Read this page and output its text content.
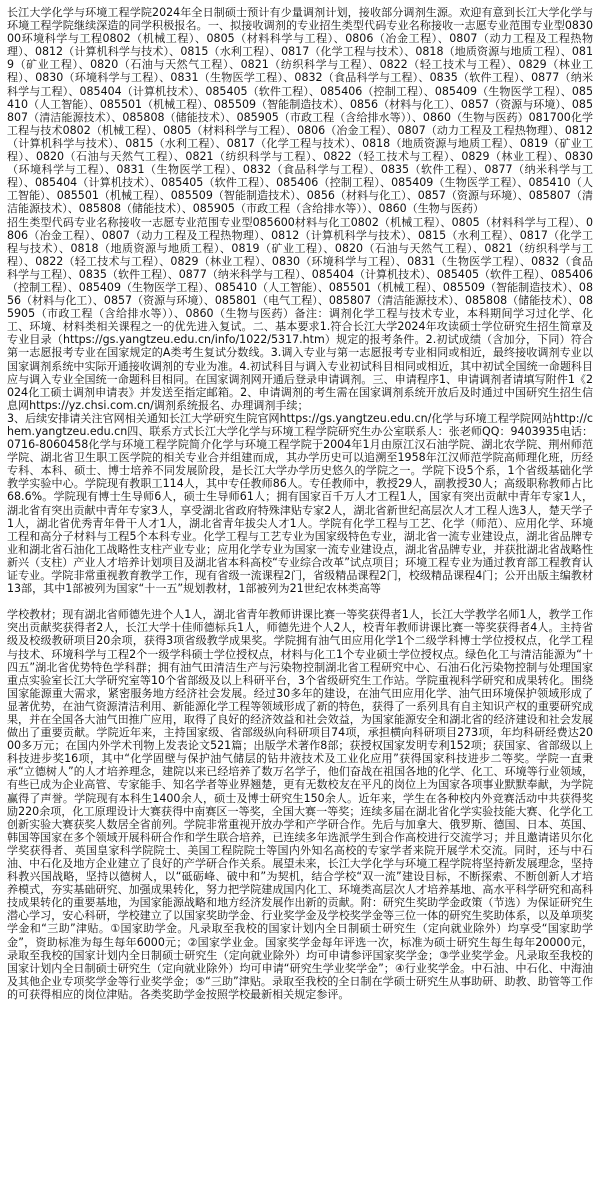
长江大学化学与环境工程学院2024年全日制硕士预计有少量调剂计划，接收部分调剂生源。欢迎有意到长江大学化学与环境工程学院继续深造的同学积极报名。一、拟接收调剂的专业招生类型代码专业名称接收一志愿专业范围专业型083000环境科学与工程0802（机械工程）、0805（材料科学与工程）、0806（冶金工程）、0807（动力工程及工程热物理）、0812（计算机科学与技术）、0815（水利工程）、0817（化学工程与技术）、0818（地质资源与地质工程）、0819（矿业工程）、0820（石油与天然气工程）、0821（纺织科学与工程）、0822（轻工技术与工程）、0829（林业工程）、0830（环境科学与工程）、0831（生物医学工程）、0832（食品科学与工程）、0835（软件工程）、0877（纳米科学与工程）、085404（计算机技术）、085405（软件工程）、085406（控制工程）、085409（生物医学工程）、085410（人工智能）、085501（机械工程）、085509（智能制造技术）、0856（材料与化工）、0857（资源与环境）、085807（清洁能源技术）、085808（储能技术）、085905（市政工程（含给排水等））、0860（生物与医药）081700化学工程与技术0802（机械工程）、0805（材料科学与工程）、0806（冶金工程）、0807（动力工程及工程热物理）、0812（计算机科学与技术）、0815（水利工程）、0817（化学工程与技术）、0818（地质资源与地质工程）、0819（矿业工程）、0820（石油与天然气工程）、0821（纺织科学与工程）、0822（轻工技术与工程）、0829（林业工程）、0830（环境科学与工程）、0831（生物医学工程）、0832（食品科学与工程）、0835（软件工程）、0877（纳米科学与工程）、085404（计算机技术）、085405（软件工程）、085406（控制工程）、085409（生物医学工程）、085410（人工智能）、085501（机械工程）、085509（智能制造技术）、0856（材料与化工）、0857（资源与环境）、085807（清洁能源技术）、085808（储能技术）、085905（市政工程（含给排水等））、0860（生物与医药）

招生类型代码专业名称接收一志愿专业范围专业型085600材料与化工0802（机械工程）、0805（材料科学与工程）、0806（冶金工程）、0807（动力工程及工程热物理）、0812（计算机科学与技术）、0815（水利工程）、0817（化学工程与技术）、0818（地质资源与地质工程）、0819（矿业工程）、0820（石油与天然气工程）、0821（纺织科学与工程）、0822（轻工技术与工程）、0829（林业工程）、0830（环境科学与工程）、0831（生物医学工程）、0832（食品科学与工程）、0835（软件工程）、0877（纳米科学与工程）、085404（计算机技术）、085405（软件工程）、085406（控制工程）、085409（生物医学工程）、085410（人工智能）、085501（机械工程）、085509（智能制造技术）、0856（材料与化工）、0857（资源与环境）、085801（电气工程）、085807（清洁能源技术）、085808（储能技术）、085905（市政工程（含给排水等））、0860（生物与医药）备注：调剂化学工程与技术专业，本科期间学习过化学、化工、环境、材料类相关课程之一的优先进入复试。二、基本要求1.符合长江大学2024年攻读硕士学位研究生招生简章及专业目录（https://gs.yangtzeu.edu.cn/info/1022/5317.htm）规定的报考条件。2.初试成绩（含加分，下同）符合第一志愿报考专业在国家规定的A类考生复试分数线。3.调入专业与第一志愿报考专业相同或相近，最终接收调剂专业以国家调剂系统中实际开通接收调剂的专业为准。4.初试科目与调入专业初试科目相同或相近，其中初试全国统一命题科目应与调入专业全国统一命题科目相同。在国家调剂网开通后登录申请调剂。三、申请程序1、申请调剂者请填写附件1《2024化工硕士调剂申请表》并发送至指定邮箱。2、申请调剂的考生需在国家调剂系统开放后及时通过中国研究生招生信息网https://yz.chsi.com.cn/调剂系统报名、办理调剂手续；

3、后续安排请关注官网相关通知长江大学研究生院官网https://gs.yangtzeu.edu.cn/化学与环境工程学院网站http://chem.yangtzeu.edu.cn四、联系方式长江大学化学与环境工程学院研究生办公室联系人：张老师QQ：9403935电话：0716-8060458化学与环境工程学院简介化学与环境工程学院于2004年1月由原江汉石油学院、湖北农学院、荆州师范学院、湖北省卫生职工医学院的相关专业合并组建而成，其办学历史可以追溯至1958年江汉师范学院高师理化班，历经专科、本科、硕士、博士培养不同发展阶段，是长江大学办学历史悠久的学院之一。学院下设5个系，1个省级基础化学教学实验中心。学院现有教职工114人，其中专任教师86人。专任教师中，教授29人，副教授30人；高级职称教师占比68.6%。学院现有博士生导师6人，硕士生导师61人；拥有国家百千万人才工程1人，国家有突出贡献中青年专家1人，湖北省有突出贡献中青年专家3人，享受湖北省政府特殊津贴专家2人，湖北省新世纪高层次人才工程人选3人，楚天学子1人，湖北省优秀青年骨干人才1人，湖北省青年拔尖人才1人。学院有化学工程与工艺、化学（师范）、应用化学、环境工程和高分子材料与工程5个本科专业。化学工程与工艺专业为国家级特色专业，湖北省一流专业建设点，湖北省品牌专业和湖北省石油化工战略性支柱产业专业；应用化学专业为国家一流专业建设点，湖北省品牌专业，并获批湖北省战略性新兴（支柱）产业人才培养计划项目及湖北省本科高校“专业综合改革”试点项目；环境工程专业为通过教育部工程教育认证专业。学院非常重视教育教学工作，现有省级一流课程2门，省级精品课程2门，校级精品课程4门；公开出版主编教材13部，其中1部被列为国家“十一五”规划教材，1部被列为21世纪农林类高等

学校教材；现有湖北省师德先进个人1人，湖北省青年教师讲课比赛一等奖获得者1人，长江大学教学名师1人，教学工作突出贡献奖获得者2人，长江大学十佳师德标兵1人，师德先进个人2人，校青年教师讲课比赛一等奖获得者4人。主持省级及校级教研项目20余项，获得3项省级教学成果奖。学院拥有油气田应用化学1个二级学科博士学位授权点，化学工程与技术、环境科学与工程2个一级学科硕士学位授权点，材料与化工1个专业硕士学位授权点。绿色化工与清洁能源为“十四五”湖北省优势特色学科群；拥有油气田清洁生产与污染物控制湖北省工程研究中心、石油石化污染物控制与处理国家重点实验室长江大学研究室等10个省部级及以上科研平台，3个省级研究生工作站。学院重视科学研究和成果转化。围绕国家能源重大需求，紧密服务地方经济社会发展。经过30多年的建设，在油气田应用化学、油气田环境保护领域形成了显著优势，在油气资源清洁利用、新能源化学工程等领域形成了新的特色，获得了一系列具有自主知识产权的重要研究成果，并在全国各大油气田推广应用，取得了良好的经济效益和社会效益，为国家能源安全和湖北省的经济建设和社会发展做出了重要贡献。学院近年来，主持国家级、省部级纵向科研项目74项，承担横向科研项目273项，年均科研经费达2000多万元；在国内外学术刊物上发表论文521篇；出版学术著作8部；获授权国家发明专利152项；获国家、省部级以上科技进步奖16项，其中“化学固壁与保护油气储层的钻井液技术及工业化应用”获得国家科技进步二等奖。学院一直秉承“立德树人”的人才培养理念，建院以来已经培养了数万名学子，他们奋战在祖国各地的化学、化工、环境等行业领域，有些已成为企业高管、专家能手、知名学者等业界翘楚，更有无数校友在平凡的岗位上为国家各项事业默默奉献，为学院赢得了声誉。学院现有本科生1400余人，硕士及博士研究生150余人。近年来，学生在各种校内外竞赛活动中共获得奖励220余项，化工原理设计大赛获得中南赛区一等奖，全国大赛一等奖；连续多届在湖北省化学实验技能大赛、化学化工创新实验大赛获奖人数居全省前列。学院非常重视开放办学和产学研合作。先后与加拿大、俄罗斯、德国、日本、英国、韩国等国家在多个领域开展科研合作和学生联合培养，已连续多年选派学生到合作高校进行交流学习；并且邀请诺贝尔化学奖获得者、英国皇家科学院院士、美国工程院院士等国内外知名高校的专家学者来院开展学术交流。同时，还与中石油、中石化及地方企业建立了良好的产学研合作关系。展望未来，长江大学化学与环境工程学院将坚持新发展理念，坚持科教兴国战略，坚持以德树人，以“砥砺峰、破中和”为契机，结合学校“双一流”建设目标，不断探索、不断创新人才培养模式，夯实基础研究、加强成果转化，努力把学院建成国内化工、环境类高层次人才培养基地、高水平科学研究和高科技成果转化的重要基地，为国家能源战略和地方经济发展作出新的贡献。附：研究生奖助学金政策（节选）为保证研究生潜心学习，安心科研，学校建立了以国家奖助学金、行业奖学金及学校奖学金等三位一体的研究生奖助体系，以及单项奖学金和“三助”津贴。①国家助学金。凡录取至我校的国家计划内全日制硕士研究生（定向就业除外）均享受“国家助学金”，资助标准为每生每年6000元；②国家学业金。国家奖学金每年评选一次，标准为硕士研究生每生每年20000元，录取至我校的国家计划内全日制硕士研究生（定向就业除外）均可申请参评国家奖学金；③学业奖学金。凡录取至我校的国家计划内全日制硕士研究生（定向就业除外）均可申请“研究生学业奖学金”；④行业奖学金。中石油、中石化、中海油及其他企业专项奖学金等行业奖学金；⑤“三助”津贴。录取至我校的全日制在学硕士研究生从事助研、助教、助管等工作的可获得相应的岗位津贴。各类奖助学金按照学校最新相关规定参评。
